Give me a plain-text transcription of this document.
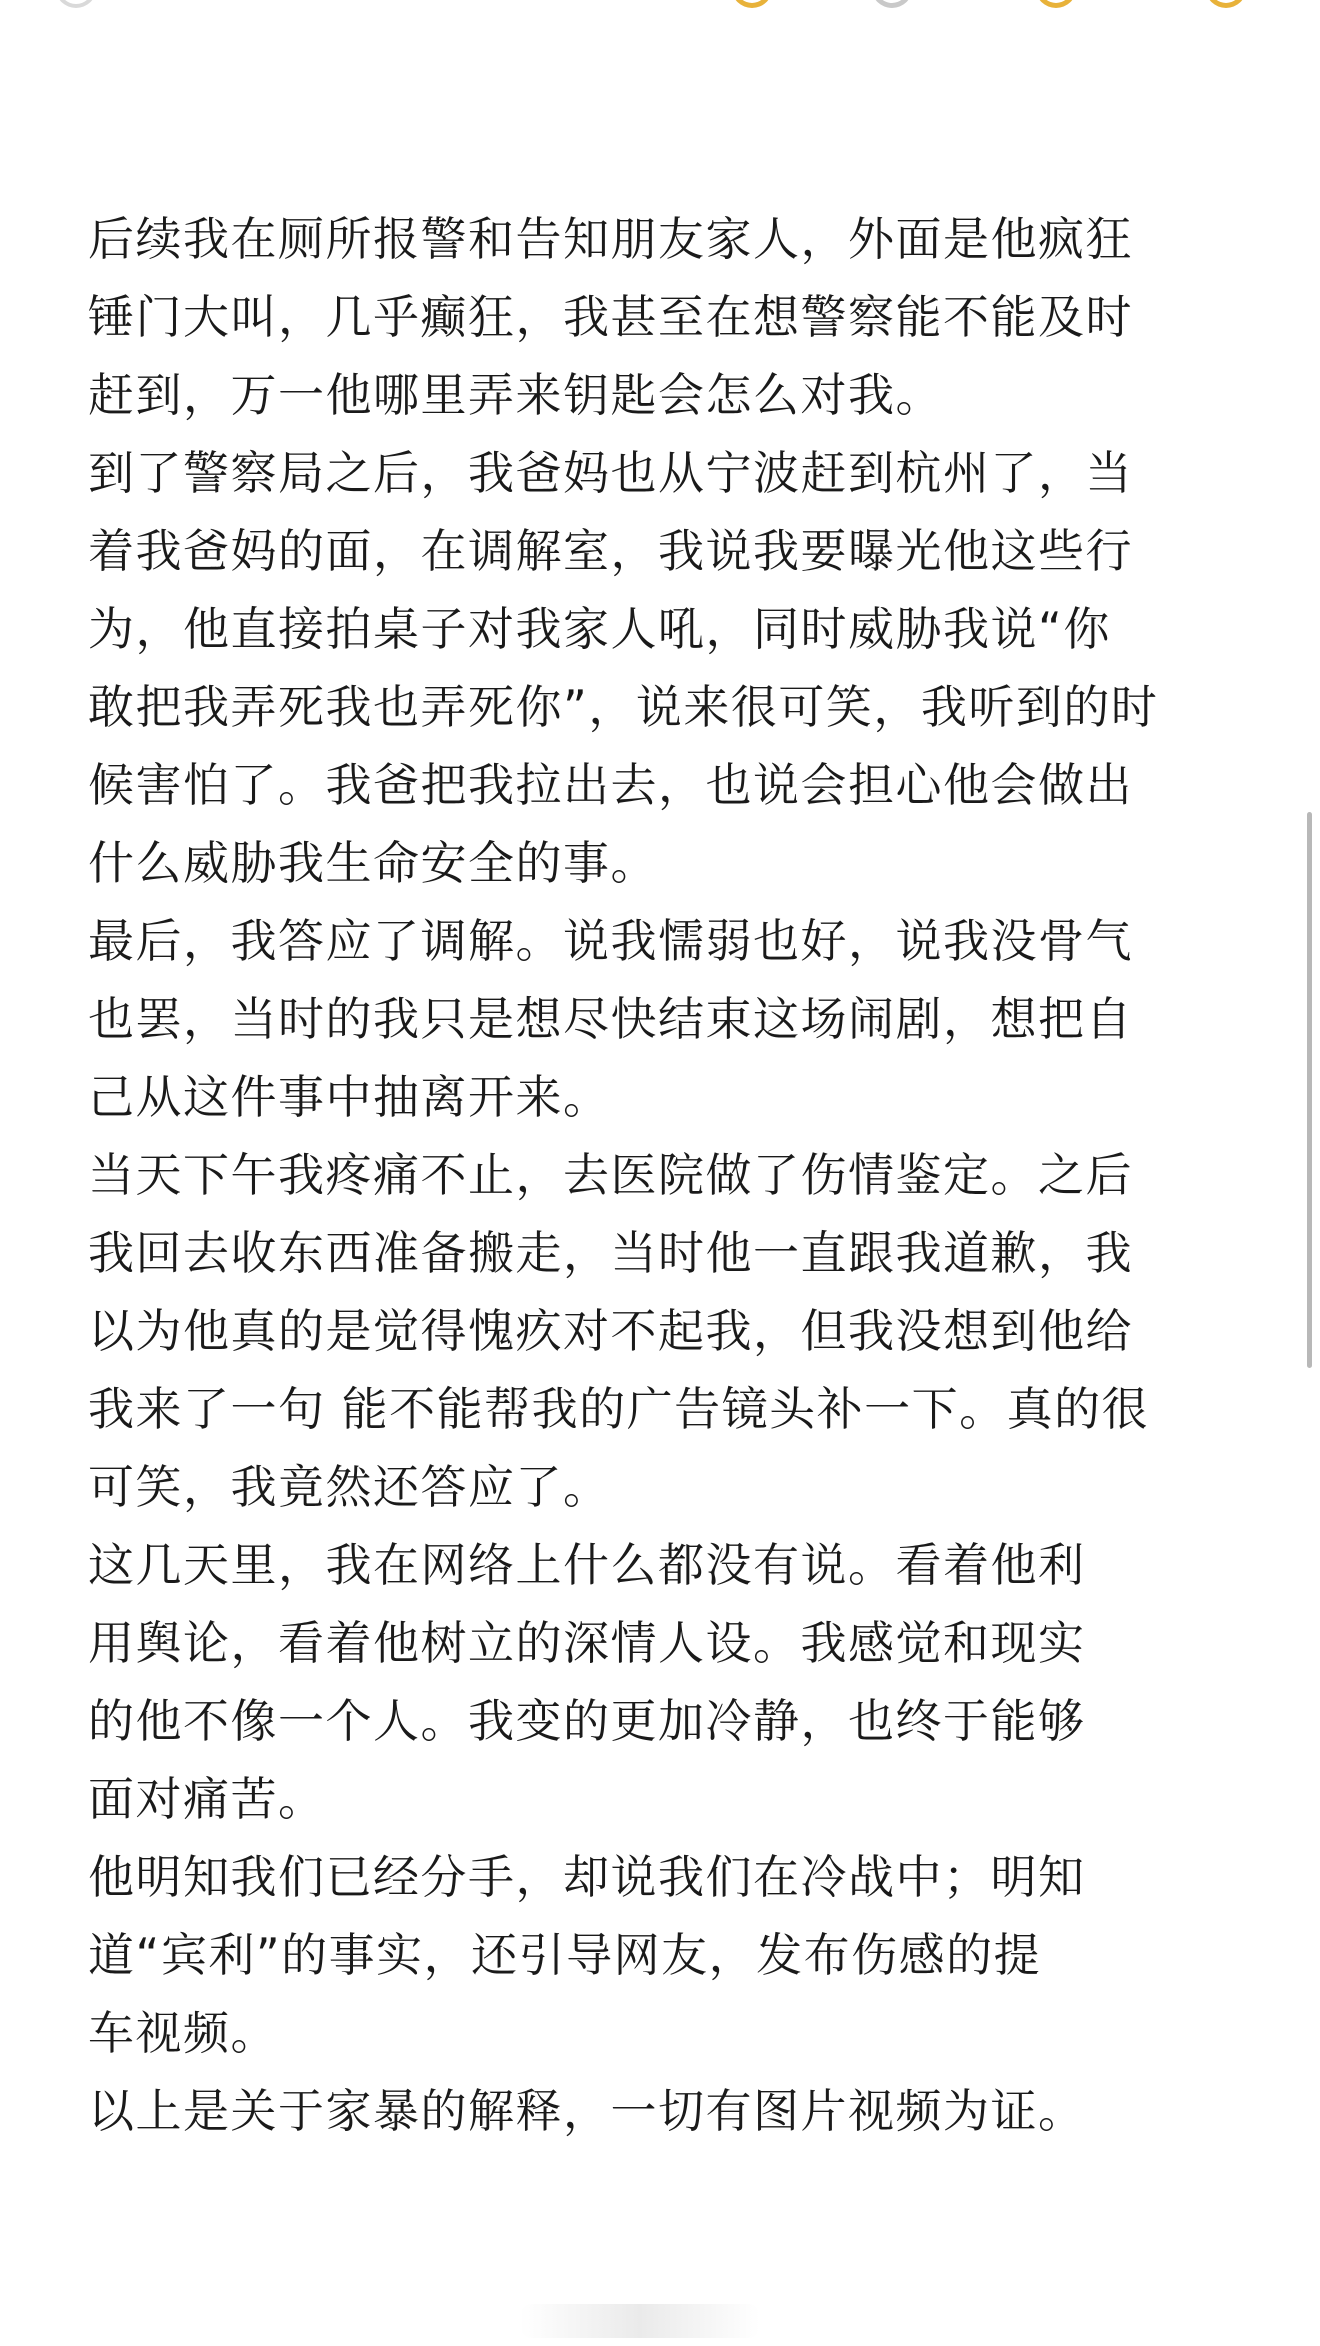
后续我在厕所报警和告知朋友家人，外面是他疯狂
锤门大叫，几乎癫狂，我甚至在想警察能不能及时
赶到，万一他哪里弄来钥匙会怎么对我。
到了警察局之后，我爸妈也从宁波赶到杭州了，当
着我爸妈的面，在调解室，我说我要曝光他这些行
为，他直接拍桌子对我家人吼，同时威胁我说“你
敢把我弄死我也弄死你”，说来很可笑，我听到的时
候害怕了。我爸把我拉出去，也说会担心他会做出
什么威胁我生命安全的事。
最后，我答应了调解。说我懦弱也好，说我没骨气
也罢，当时的我只是想尽快结束这场闹剧，想把自
己从这件事中抽离开来。
当天下午我疼痛不止，去医院做了伤情鉴定。之后
我回去收东西准备搬走，当时他一直跟我道歉，我
以为他真的是觉得愧疚对不起我，但我没想到他给
我来了一句 能不能帮我的广告镜头补一下。真的很
可笑，我竟然还答应了。
这几天里，我在网络上什么都没有说。看着他利
用舆论，看着他树立的深情人设。我感觉和现实
的他不像一个人。我变的更加冷静，也终于能够
面对痛苦。
他明知我们已经分手，却说我们在冷战中；明知
道“宾利”的事实，还引导网友，发布伤感的提
车视频。
以上是关于家暴的解释，一切有图片视频为证。
